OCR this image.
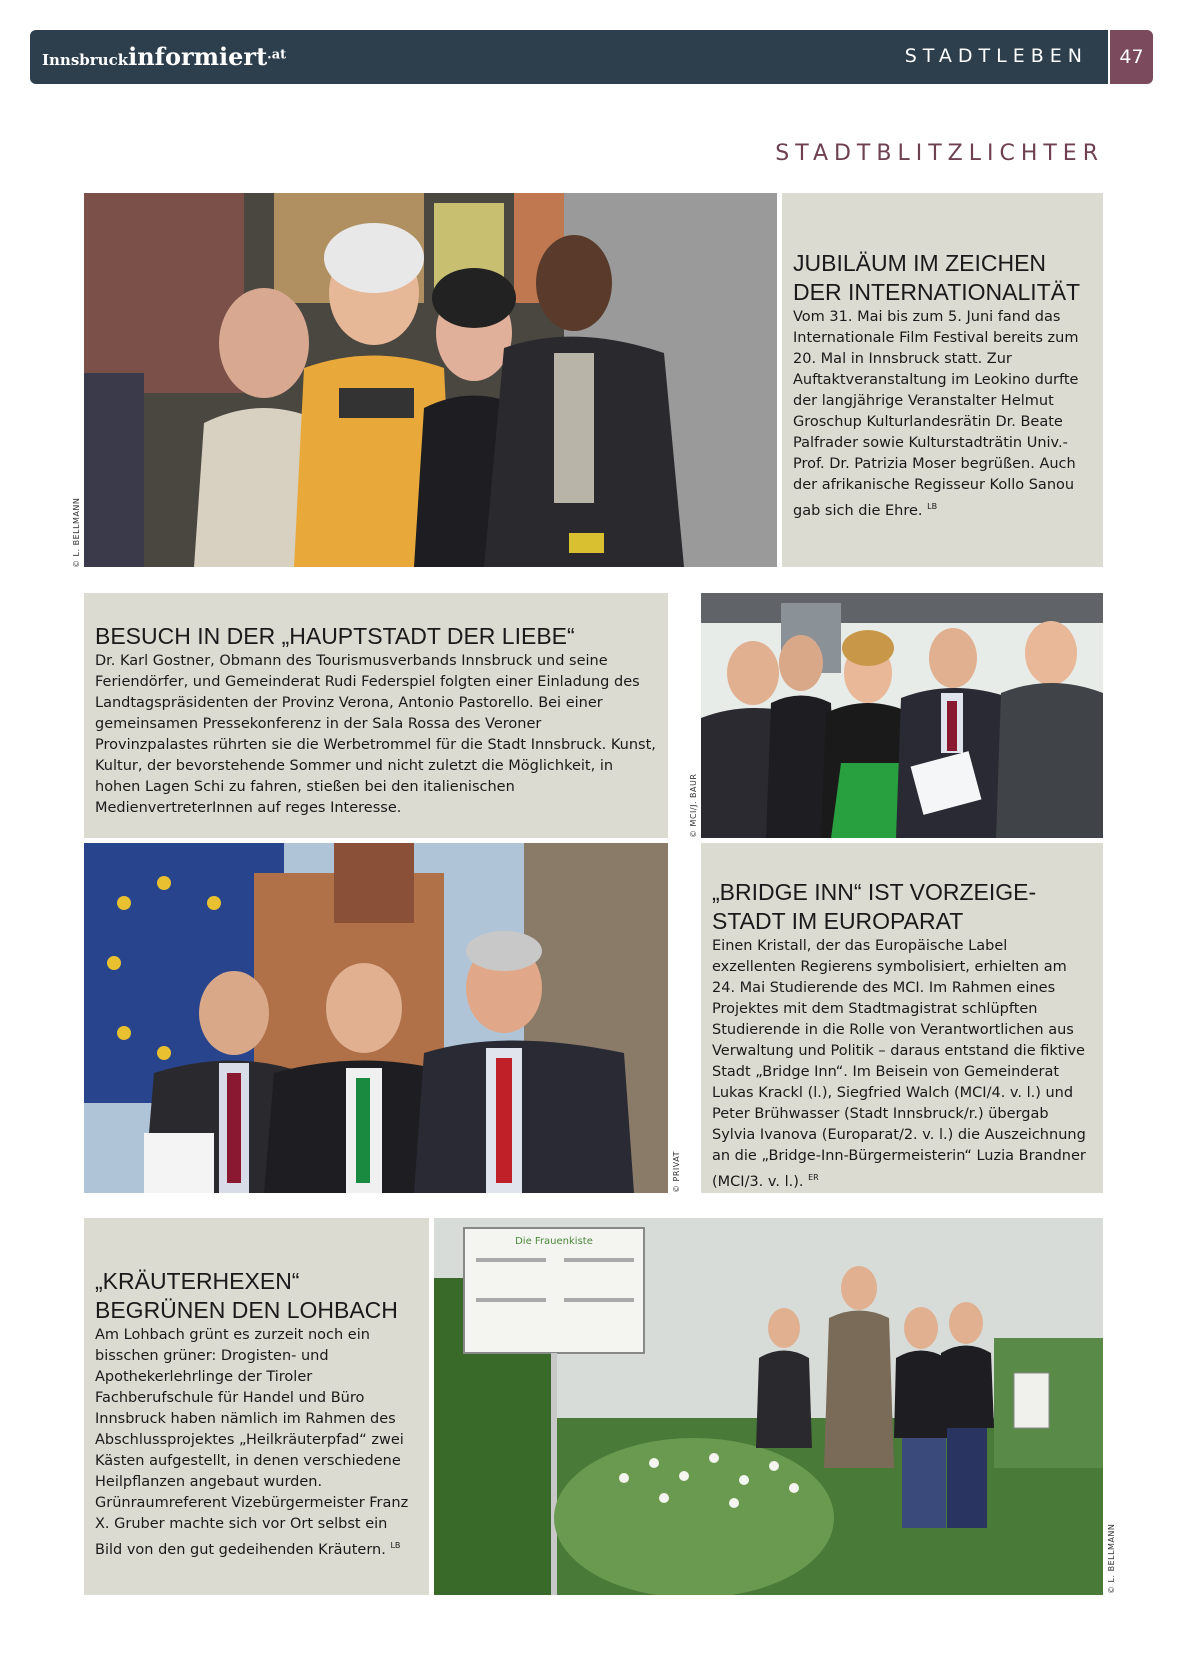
Innsbruckinformiert$^{.at}$	STADTLEBEN	47
STADTBLITZLICHTER
© L. BELLMANN
JUBILÄUM IM ZEICHEN
DER INTERNATIONALITÄT

Vom 31. Mai bis zum 5. Juni fand das Internationale Film Festival bereits zum 20. Mal in Innsbruck statt. Zur Auftaktveranstaltung im Leokino durfte der langjährige Veranstalter Helmut Groschup Kulturlandesrätin Dr. Beate Palfrader sowie Kulturstadträtin Univ.-Prof. Dr. Patrizia Moser begrüßen. Auch der afrikanische Regisseur Kollo Sanou gab sich die Ehre. $^{LB}$

BESUCH IN DER „HAUPTSTADT DER LIEBE“

Dr. Karl Gostner, Obmann des Tourismusverbands Innsbruck und seine Feriendörfer, und Gemeinderat Rudi Federspiel folgten einer Einladung des Landtagspräsidenten der Provinz Verona, Antonio Pastorello. Bei einer gemeinsamen Pressekonferenz in der Sala Rossa des Veroner Provinzpalastes rührten sie die Werbetrommel für die Stadt Innsbruck. Kunst, Kultur, der bevorstehende Sommer und nicht zuletzt die Möglichkeit, in hohen Lagen Schi zu fahren, stießen bei den italienischen MedienvertreterInnen auf reges Interesse.

© PRIVAT
© MCI/J. BAUR
„BRIDGE INN“ IST VORZEIGE-
STADT IM EUROPARAT

Einen Kristall, der das Europäische Label exzellenten Regierens symbolisiert, erhielten am 24. Mai Studierende des MCI. Im Rahmen eines Projektes mit dem Stadtmagistrat schlüpften Studierende in die Rolle von Verantwortlichen aus Verwaltung und Politik – daraus entstand die fiktive Stadt „Bridge Inn“. Im Beisein von Gemeinderat Lukas Krackl (l.), Siegfried Walch (MCI/4. v. l.) und Peter Brühwasser (Stadt Innsbruck/r.) übergab Sylvia Ivanova (Europarat/2. v. l.) die Auszeichnung an die „Bridge-Inn-Bürgermeisterin“ Luzia Brandner (MCI/3. v. l.). $^{ER}$

„KRÄUTERHEXEN“
BEGRÜNEN DEN LOHBACH

Am Lohbach grünt es zurzeit noch ein bisschen grüner: Drogisten- und Apothekerlehrlinge der Tiroler Fachberufschule für Handel und Büro Innsbruck haben nämlich im Rahmen des Abschlussprojektes „Heilkräuterpfad“ zwei Kästen aufgestellt, in denen verschiedene Heilpflanzen angebaut wurden. Grünraumreferent Vizebürgermeister Franz X. Gruber machte sich vor Ort selbst ein Bild von den gut gedeihenden Kräutern. $^{LB}$

Die Frauenkiste
© L. BELLMANN
